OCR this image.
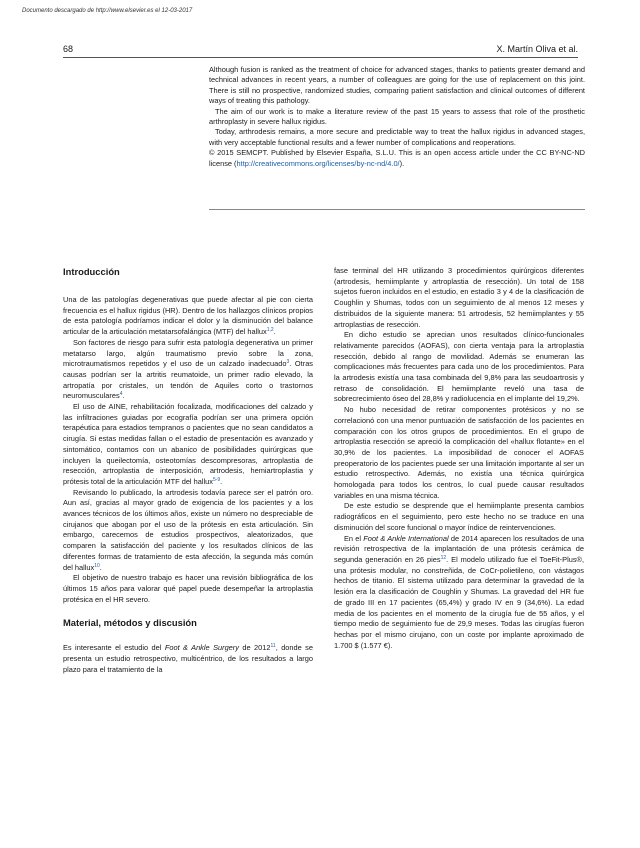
Documento descargado de http://www.elsevier.es el 12-03-2017
68	X. Martín Oliva et al.

Although fusion is ranked as the treatment of choice for advanced stages, thanks to patients greater demand and technical advances in recent years, a number of colleagues are going for the use of replacement on this joint. There is still no prospective, randomized studies, comparing patient satisfaction and clinical outcomes of different ways of treating this pathology.

The aim of our work is to make a literature review of the past 15 years to assess that role of the prosthetic arthroplasty in severe hallux rigidus.

Today, arthrodesis remains, a more secure and predictable way to treat the hallux rigidus in advanced stages, with very acceptable functional results and a fewer number of complications and reoperations.

© 2015 SEMCPT. Published by Elsevier España, S.L.U. This is an open access article under the CC BY-NC-ND license (http://creativecommons.org/licenses/by-nc-nd/4.0/).

Introducción

Una de las patologías degenerativas que puede afectar al pie con cierta frecuencia es el hallux rigidus (HR). Dentro de los hallazgos clínicos propios de esta patología podríamos indicar el dolor y la disminución del balance articular de la articulación metatarsofalángica (MTF) del hallux$^{1,2}$.

Son factores de riesgo para sufrir esta patología degenerativa un primer metatarso largo, algún traumatismo previo sobre la zona, microtraumatismos repetidos y el uso de un calzado inadecuado$^3$. Otras causas podrían ser la artritis reumatoide, un primer radio elevado, la artropatía por cristales, un tendón de Aquiles corto o trastornos neuromusculares$^4$.

El uso de AINE, rehabilitación focalizada, modificaciones del calzado y las infiltraciones guiadas por ecografía podrían ser una primera opción terapéutica para estadios tempranos o pacientes que no sean candidatos a cirugía. Si estas medidas fallan o el estadio de presentación es avanzado y sintomático, contamos con un abanico de posibilidades quirúrgicas que incluyen la queilectomía, osteotomías descompresoras, artroplastia de resección, artroplastia de interposición, artrodesis, hemiartroplastia y prótesis total de la articulación MTF del hallux$^{5-9}$.

Revisando lo publicado, la artrodesis todavía parece ser el patrón oro. Aun así, gracias al mayor grado de exigencia de los pacientes y a los avances técnicos de los últimos años, existe un número no despreciable de cirujanos que abogan por el uso de la prótesis en esta articulación. Sin embargo, carecemos de estudios prospectivos, aleatorizados, que comparen la satisfacción del paciente y los resultados clínicos de las diferentes formas de tratamiento de esta afección, la segunda más común del hallux$^{10}$.

El objetivo de nuestro trabajo es hacer una revisión bibliográfica de los últimos 15 años para valorar qué papel puede desempeñar la artroplastia protésica en el HR severo.

Material, métodos y discusión

Es interesante el estudio del Foot & Ankle Surgery de 2012$^{11}$, donde se presenta un estudio retrospectivo, multicéntrico, de los resultados a largo plazo para el tratamiento de la

fase terminal del HR utilizando 3 procedimientos quirúrgicos diferentes (artrodesis, hemiimplante y artroplastia de resección). Un total de 158 sujetos fueron incluidos en el estudio, en estadio 3 y 4 de la clasificación de Coughlin y Shumas, todos con un seguimiento de al menos 12 meses y distribuidos de la siguiente manera: 51 artrodesis, 52 hemiimplantes y 55 artroplastias de resección.

En dicho estudio se aprecian unos resultados clínico-funcionales relativamente parecidos (AOFAS), con cierta ventaja para la artroplastia resección, debido al rango de movilidad. Además se enumeran las complicaciones más frecuentes para cada uno de los procedimientos. Para la artrodesis existía una tasa combinada del 9,8% para las seudoartrosis y retraso de consolidación. El hemiimplante reveló una tasa de sobrecrecimiento óseo del 28,8% y radiolucencia en el implante del 19,2%.

No hubo necesidad de retirar componentes protésicos y no se correlacionó con una menor puntuación de satisfacción de los pacientes en comparación con los otros grupos de procedimientos. En el grupo de artroplastia resección se apreció la complicación del «hallux flotante» en el 30,9% de los pacientes. La imposibilidad de conocer el AOFAS preoperatorio de los pacientes puede ser una limitación importante al ser un estudio retrospectivo. Además, no existía una técnica quirúrgica homologada para todos los centros, lo cual puede causar resultados variables en una misma técnica.

De este estudio se desprende que el hemiimplante presenta cambios radiográficos en el seguimiento, pero este hecho no se traduce en una disminución del score funcional o mayor índice de reintervenciones.

En el Foot & Ankle International de 2014 aparecen los resultados de una revisión retrospectiva de la implantación de una prótesis cerámica de segunda generación en 26 pies$^{12}$. El modelo utilizado fue el ToeFit-Plus®, una prótesis modular, no constreñida, de CoCr-polietileno, con vástagos hechos de titanio. El sistema utilizado para determinar la gravedad de la lesión era la clasificación de Coughlin y Shumas. La gravedad del HR fue de grado III en 17 pacientes (65,4%) y grado IV en 9 (34,6%). La edad media de los pacientes en el momento de la cirugía fue de 55 años, y el tiempo medio de seguimiento fue de 29,9 meses. Todas las cirugías fueron hechas por el mismo cirujano, con un coste por implante aproximado de 1.700 $ (1.577 €).
